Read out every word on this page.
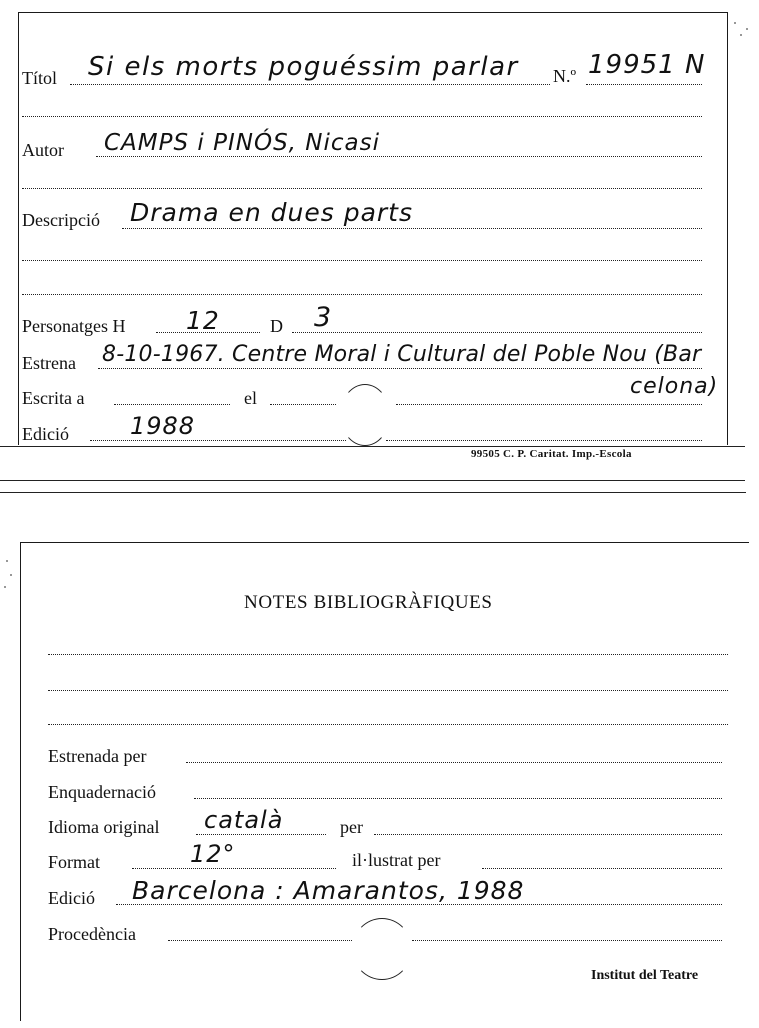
Títol Si els morts poguéssim parlar N.º 19951 N
Autor CAMPS i PINÓS, Nicasi
Descripció Drama en dues parts
Personatges H 12	D 3
Estrena 8-10-1967. Centre Moral i Cultural del Poble Nou (Bar
celona)
Escrita a	el
Edició	1988
99505 C. P. Caritat. Imp.-Escola
NOTES BIBLIOGRÀFIQUES
Estrenada per
Enquadernació
Idioma original català	per
Format	12°	il·lustrat per
Edició Barcelona : Amarantos, 1988
Procedència
Institut del Teatre
